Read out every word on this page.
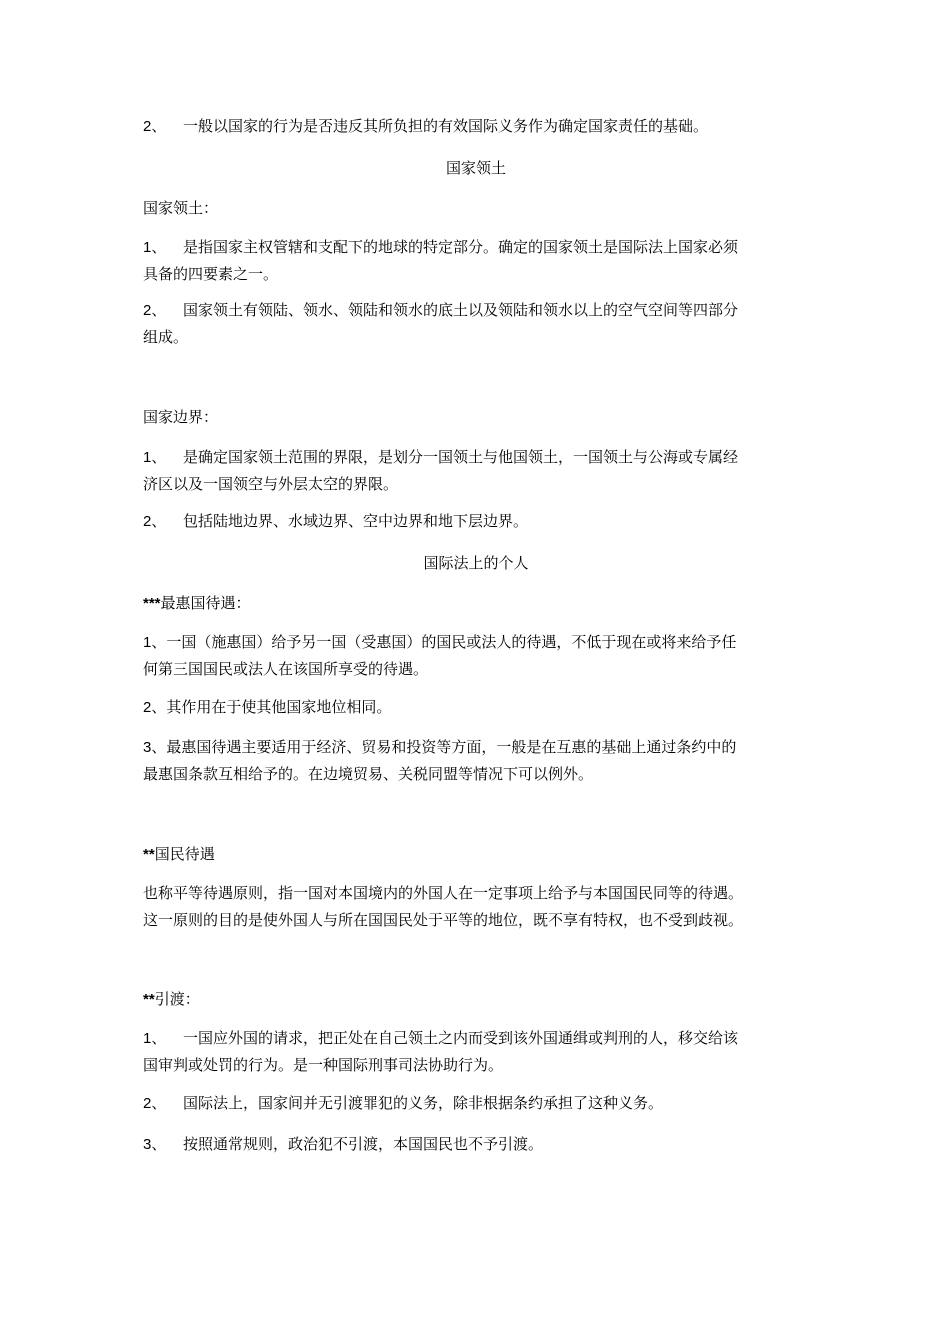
2、 一般以国家的行为是否违反其所负担的有效国际义务作为确定国家责任的基础。
国家领土
国家领土：
1、 是指国家主权管辖和支配下的地球的特定部分。确定的国家领土是国际法上国家必须
具备的四要素之一。
2、 国家领土有领陆、领水、领陆和领水的底土以及领陆和领水以上的空气空间等四部分
组成。
国家边界：
1、 是确定国家领土范围的界限，是划分一国领土与他国领土，一国领土与公海或专属经
济区以及一国领空与外层太空的界限。
2、 包括陆地边界、水域边界、空中边界和地下层边界。
国际法上的个人
***最惠国待遇：
1、一国（施惠国）给予另一国（受惠国）的国民或法人的待遇，不低于现在或将来给予任
何第三国国民或法人在该国所享受的待遇。
2、其作用在于使其他国家地位相同。
3、最惠国待遇主要适用于经济、贸易和投资等方面，一般是在互惠的基础上通过条约中的
最惠国条款互相给予的。在边境贸易、关税同盟等情况下可以例外。
**国民待遇
也称平等待遇原则，指一国对本国境内的外国人在一定事项上给予与本国国民同等的待遇。
这一原则的目的是使外国人与所在国国民处于平等的地位，既不享有特权，也不受到歧视。
**引渡：
1、 一国应外国的请求，把正处在自己领土之内而受到该外国通缉或判刑的人，移交给该
国审判或处罚的行为。是一种国际刑事司法协助行为。
2、 国际法上，国家间并无引渡罪犯的义务，除非根据条约承担了这种义务。
3、 按照通常规则，政治犯不引渡，本国国民也不予引渡。
